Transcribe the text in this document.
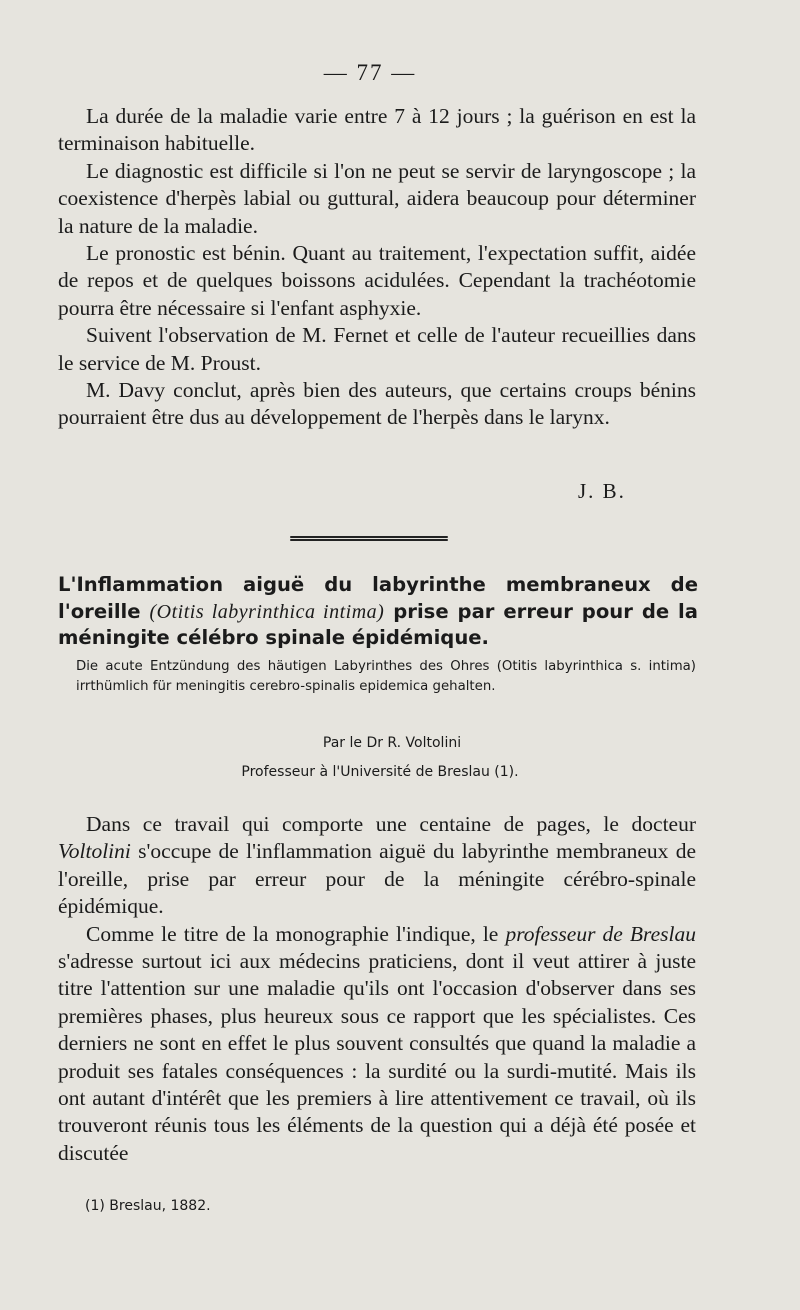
— 77 —

La durée de la maladie varie entre 7 à 12 jours ; la guérison en est la terminaison habituelle.

Le diagnostic est difficile si l'on ne peut se servir de laryngoscope ; la coexistence d'herpès labial ou guttural, aidera beaucoup pour déterminer la nature de la maladie.

Le pronostic est bénin. Quant au traitement, l'expectation suffit, aidée de repos et de quelques boissons acidulées. Cependant la trachéotomie pourra être nécessaire si l'enfant asphyxie.

Suivent l'observation de M. Fernet et celle de l'auteur recueillies dans le service de M. Proust.

M. Davy conclut, après bien des auteurs, que certains croups bénins pourraient être dus au développement de l'herpès dans le larynx.

J. B.

L'Inflammation aiguë du labyrinthe membraneux de l'oreille (Otitis labyrinthica intima) prise par erreur pour de la méningite célébro spinale épidémique.

Die acute Entzündung des häutigen Labyrinthes des Ohres (Otitis labyrinthica s. intima) irrthümlich für meningitis cerebro-spinalis epidemica gehalten.

Par le Dr R. Voltolini

Professeur à l'Université de Breslau (1).

Dans ce travail qui comporte une centaine de pages, le docteur Voltolini s'occupe de l'inflammation aiguë du labyrinthe membraneux de l'oreille, prise par erreur pour de la méningite cérébro-spinale épidémique.

Comme le titre de la monographie l'indique, le professeur de Breslau s'adresse surtout ici aux médecins praticiens, dont il veut attirer à juste titre l'attention sur une maladie qu'ils ont l'occasion d'observer dans ses premières phases, plus heureux sous ce rapport que les spécialistes. Ces derniers ne sont en effet le plus souvent consultés que quand la maladie a produit ses fatales conséquences : la surdité ou la surdi-mutité. Mais ils ont autant d'intérêt que les premiers à lire attentivement ce travail, où ils trouveront réunis tous les éléments de la question qui a déjà été posée et discutée

(1) Breslau, 1882.
